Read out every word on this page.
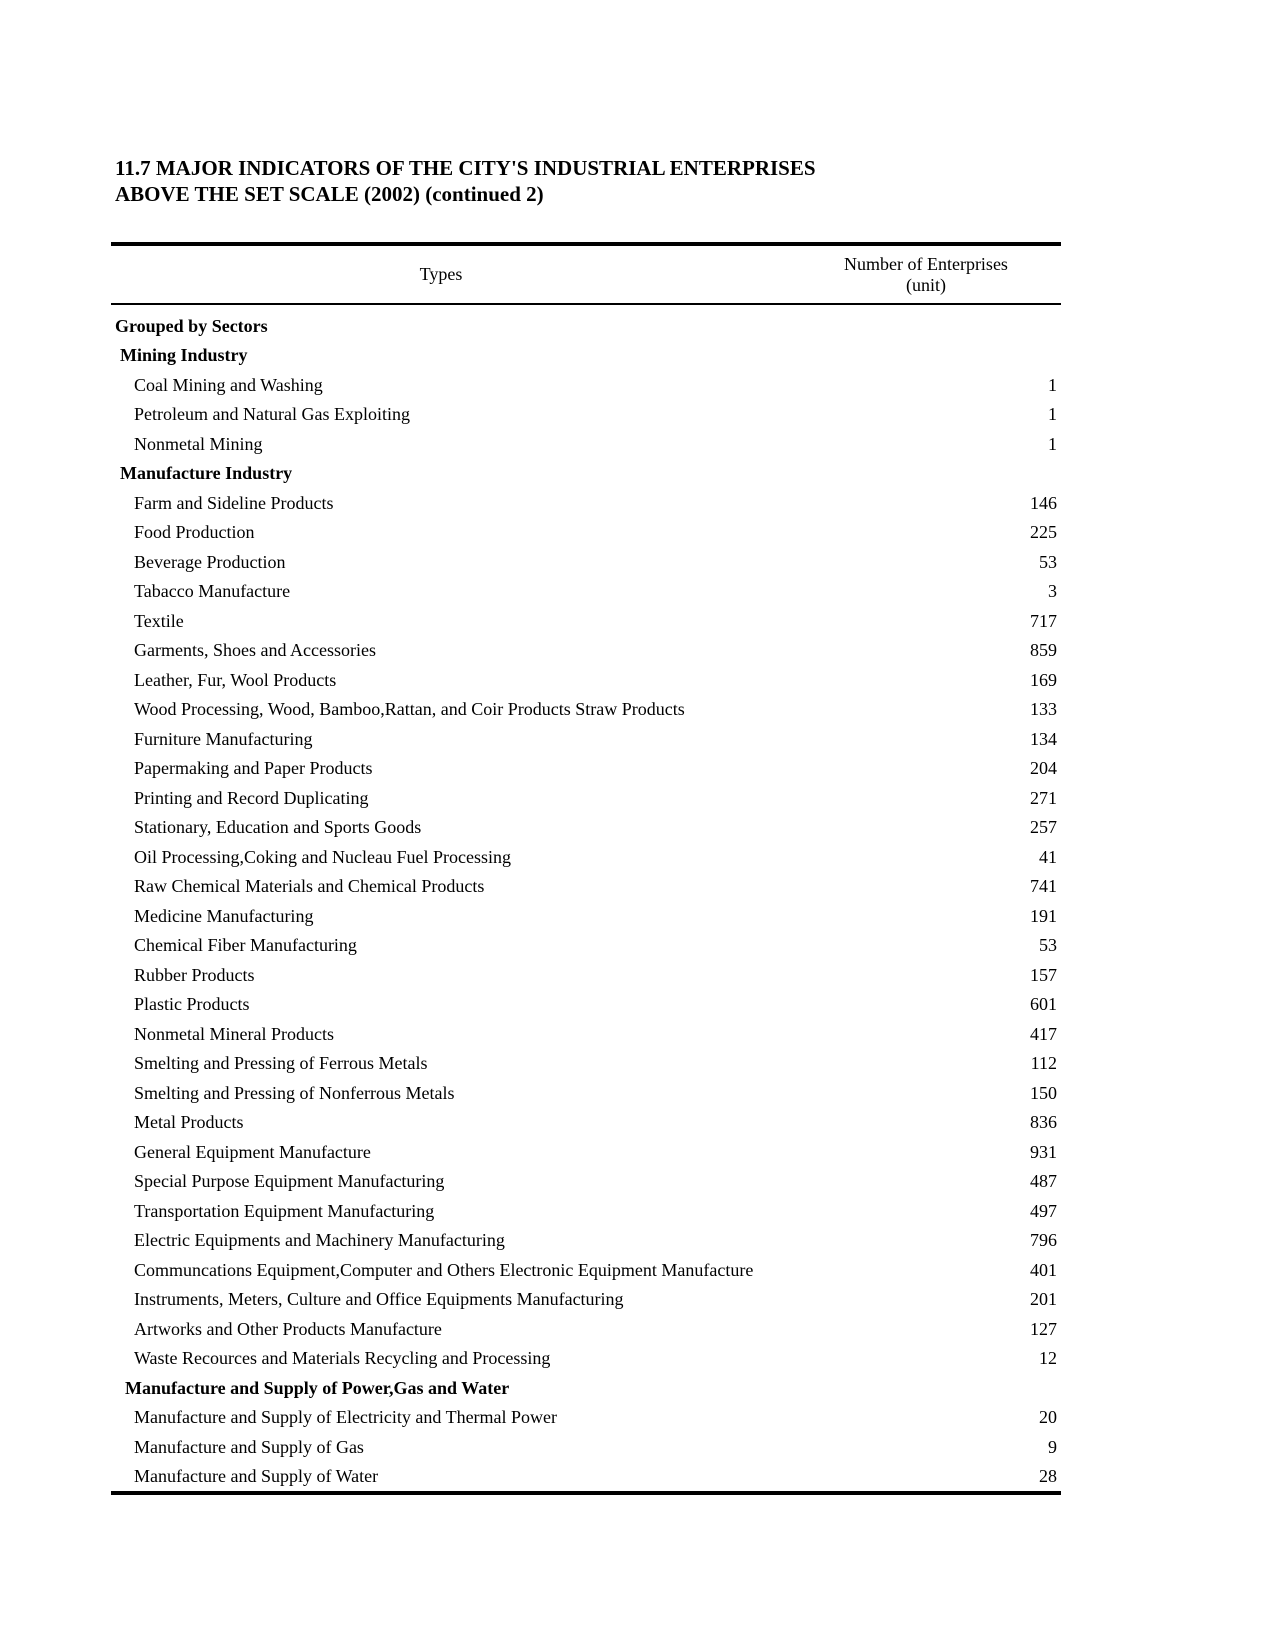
11.7 MAJOR INDICATORS OF THE CITY'S INDUSTRIAL ENTERPRISES
ABOVE THE SET SCALE (2002) (continued 2)
Types	Number of Enterprises
(unit)

Grouped by Sectors	
Mining Industry	
Coal Mining and Washing	1
Petroleum and Natural Gas Exploiting	1
Nonmetal Mining	1
Manufacture Industry	
Farm and Sideline Products	146
Food Production	225
Beverage Production	53
Tabacco Manufacture	3
Textile	717
Garments, Shoes and Accessories	859
Leather, Fur, Wool Products	169
Wood Processing, Wood, Bamboo,Rattan, and Coir Products Straw Products	133
Furniture Manufacturing	134
Papermaking and Paper Products	204
Printing and Record Duplicating	271
Stationary, Education and Sports Goods	257
Oil Processing,Coking and Nucleau Fuel Processing	41
Raw Chemical Materials and Chemical Products	741
Medicine Manufacturing	191
Chemical Fiber Manufacturing	53
Rubber Products	157
Plastic Products	601
Nonmetal Mineral Products	417
Smelting and Pressing of Ferrous Metals	112
Smelting and Pressing of Nonferrous Metals	150
Metal Products	836
General Equipment Manufacture	931
Special Purpose Equipment Manufacturing	487
Transportation Equipment Manufacturing	497
Electric Equipments and Machinery Manufacturing	796
Communcations Equipment,Computer and Others Electronic Equipment Manufacture	401
Instruments, Meters, Culture and Office Equipments Manufacturing	201
Artworks and Other Products Manufacture	127
Waste Recources and Materials Recycling and Processing	12
Manufacture and Supply of Power,Gas and Water	
Manufacture and Supply of Electricity and Thermal Power	20
Manufacture and Supply of Gas	9
Manufacture and Supply of Water	28
